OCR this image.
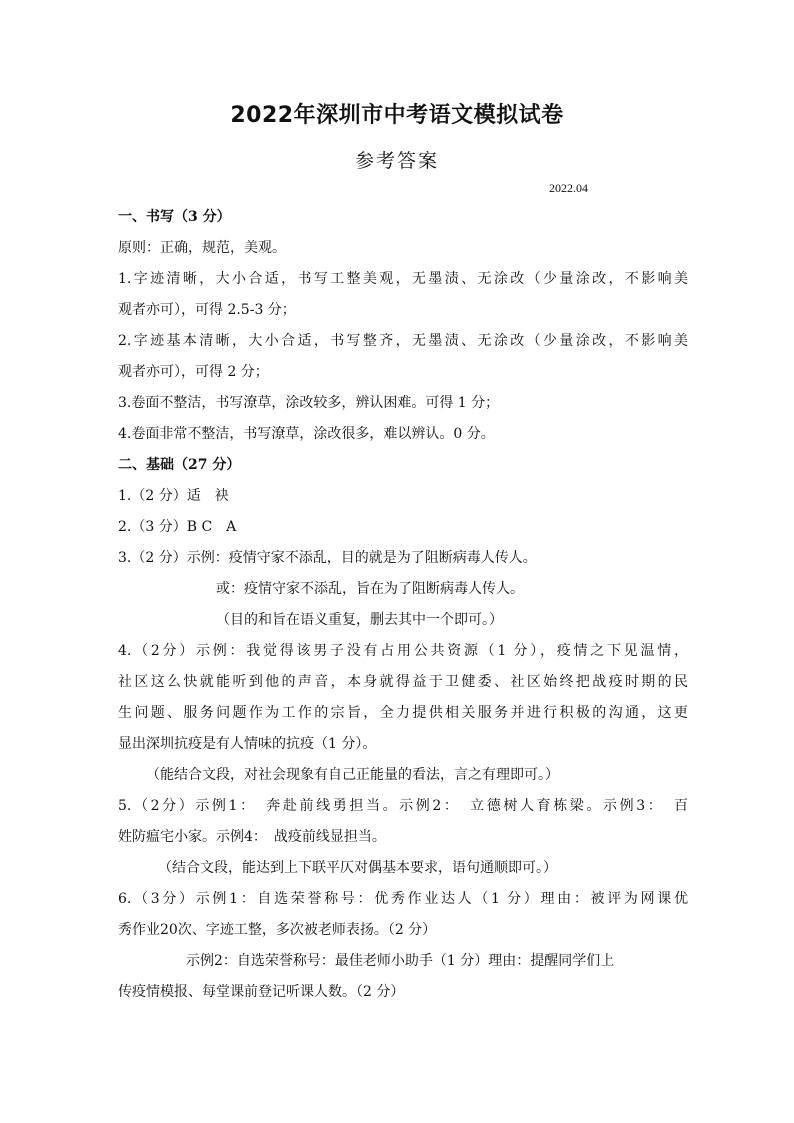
2022年深圳市中考语文模拟试卷
参考答案
2022.04
一、书写（3 分）
原则：正确，规范，美观。
1.字迹清晰，大小合适，书写工整美观，无墨渍、无涂改（少量涂改，不影响美
观者亦可），可得 2.5-3 分；
2.字迹基本清晰，大小合适，书写整齐，无墨渍、无涂改（少量涂改，不影响美
观者亦可），可得 2 分；
3.卷面不整洁，书写潦草，涂改较多，辨认困难。可得 1 分；
4.卷面非常不整洁，书写潦草，涂改很多，难以辨认。0 分。
二、基础（27 分）
1.（2 分）适　袂
2.（3 分）B C　A
3.（2 分）示例：疫情守家不添乱，目的就是为了阻断病毒人传人。
或：疫情守家不添乱，旨在为了阻断病毒人传人。
（目的和旨在语义重复，删去其中一个即可。）
4.（2分）示例：我觉得该男子没有占用公共资源（1 分），疫情之下见温情，
社区这么快就能听到他的声音，本身就得益于卫健委、社区始终把战疫时期的民
生问题、服务问题作为工作的宗旨，全力提供相关服务并进行积极的沟通，这更
显出深圳抗疫是有人情味的抗疫（1 分）。
（能结合文段，对社会现象有自己正能量的看法，言之有理即可。）
5.（2分）示例1：　奔赴前线勇担当。示例2：　立德树人育栋梁。示例3：　百
姓防瘟宅小家。示例4：　战疫前线显担当。
（结合文段，能达到上下联平仄对偶基本要求，语句通顺即可。）
6.（3分）示例1：自选荣誉称号：优秀作业达人（1 分）理由：被评为网课优
秀作业20次、字迹工整，多次被老师表扬。（2 分）
示例2：自选荣誉称号：最佳老师小助手（1 分）理由：提醒同学们上
传疫情模报、每堂课前登记听课人数。（2 分）
